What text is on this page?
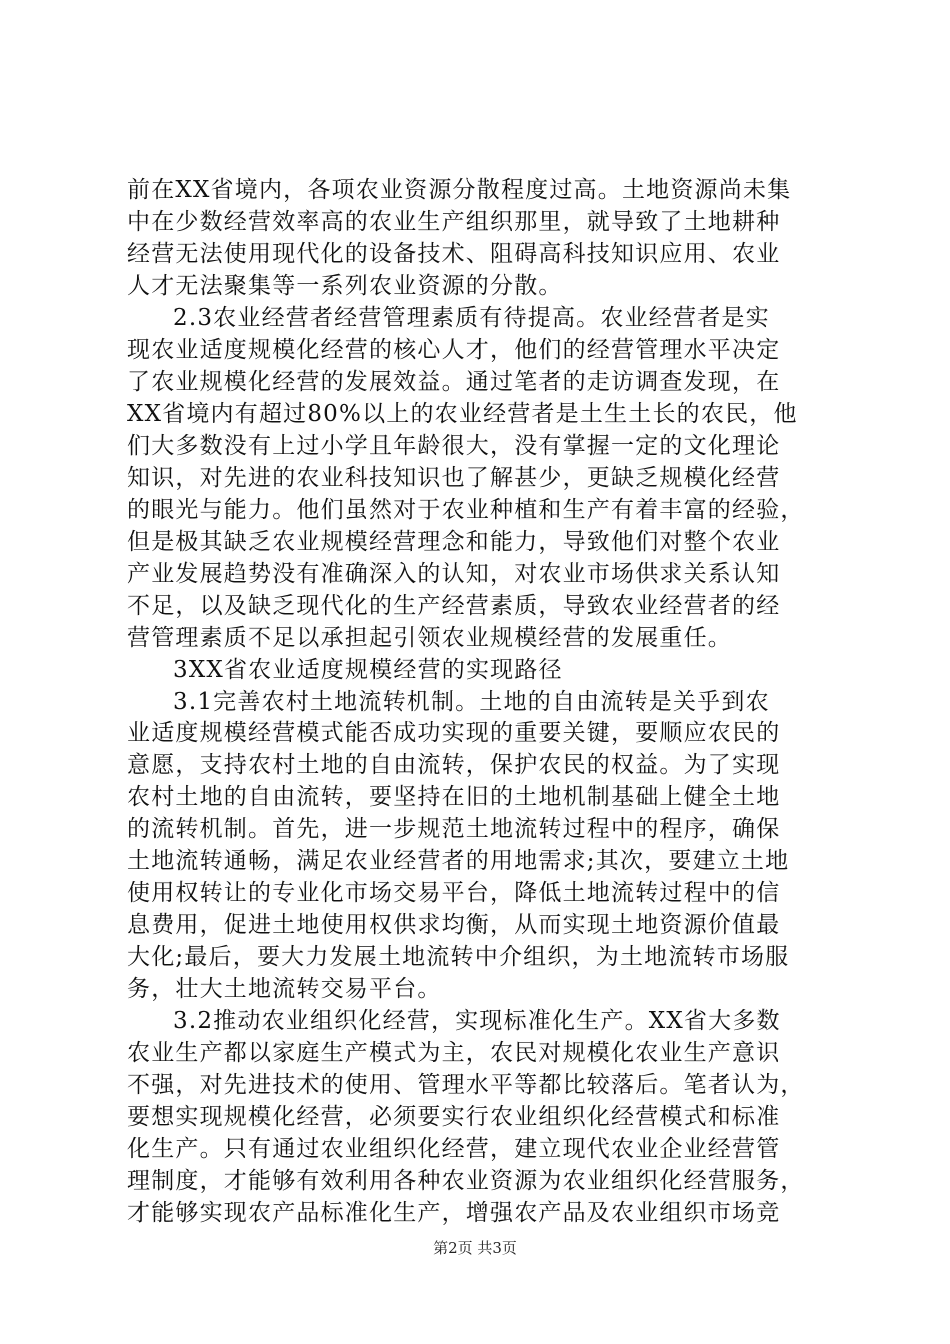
前在XX省境内，各项农业资源分散程度过高。土地资源尚未集
中在少数经营效率高的农业生产组织那里，就导致了土地耕种
经营无法使用现代化的设备技术、阻碍高科技知识应用、农业
人才无法聚集等一系列农业资源的分散。
2.3农业经营者经营管理素质有待提高。农业经营者是实
现农业适度规模化经营的核心人才，他们的经营管理水平决定
了农业规模化经营的发展效益。通过笔者的走访调查发现，在
XX省境内有超过80%以上的农业经营者是土生土长的农民，他
们大多数没有上过小学且年龄很大，没有掌握一定的文化理论
知识，对先进的农业科技知识也了解甚少，更缺乏规模化经营
的眼光与能力。他们虽然对于农业种植和生产有着丰富的经验，
但是极其缺乏农业规模经营理念和能力，导致他们对整个农业
产业发展趋势没有准确深入的认知，对农业市场供求关系认知
不足，以及缺乏现代化的生产经营素质，导致农业经营者的经
营管理素质不足以承担起引领农业规模经营的发展重任。
3XX省农业适度规模经营的实现路径
3.1完善农村土地流转机制。土地的自由流转是关乎到农
业适度规模经营模式能否成功实现的重要关键，要顺应农民的
意愿，支持农村土地的自由流转，保护农民的权益。为了实现
农村土地的自由流转，要坚持在旧的土地机制基础上健全土地
的流转机制。首先，进一步规范土地流转过程中的程序，确保
土地流转通畅，满足农业经营者的用地需求;其次，要建立土地
使用权转让的专业化市场交易平台，降低土地流转过程中的信
息费用，促进土地使用权供求均衡，从而实现土地资源价值最
大化;最后，要大力发展土地流转中介组织，为土地流转市场服
务，壮大土地流转交易平台。
3.2推动农业组织化经营，实现标准化生产。XX省大多数
农业生产都以家庭生产模式为主，农民对规模化农业生产意识
不强，对先进技术的使用、管理水平等都比较落后。笔者认为，
要想实现规模化经营，必须要实行农业组织化经营模式和标准
化生产。只有通过农业组织化经营，建立现代农业企业经营管
理制度，才能够有效利用各种农业资源为农业组织化经营服务，
才能够实现农产品标准化生产，增强农产品及农业组织市场竞
第2页 共3页
